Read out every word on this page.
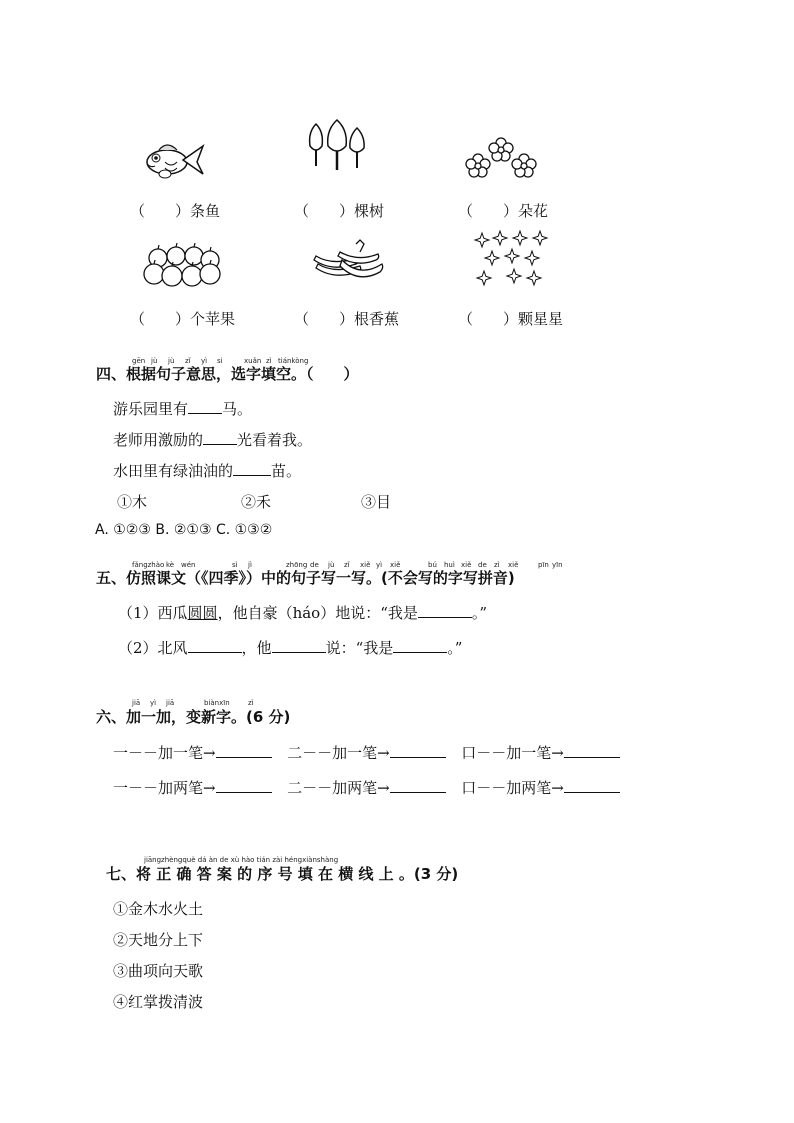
（　　）条鱼	（　　）棵树	（　　）朵花
（　　）个苹果	（　　）根香蕉	（　　）颗星星
gēn jù jù zǐ yì si	xuǎn zì tiánkòng
四、根据句子意思，选字填空。（　　）
游乐园里有 马。
老师用激励的 光看着我。
水田里有绿油油的	苗。
①木	②禾	③目
A. ①②③ B. ②①③ C. ①③②
fǎngzhào kè wén	sì jì	zhōng de jù zǐ xiě yì xiě	bú huì xiě de zì xiě	pīn yīn
五、仿照课文（《四季》）中的句子写一写。(不会写的字写拼音)
（1）西瓜圆圆，他自豪（háo）地说：“我是	。”
（2）北风	，他	说：“我是	。”
jiā yì jiā	biànxīn	zì
六、加一加，变新字。(6 分)
一－－加一笔→	二－－加一笔→	口－－加一笔→
一－－加两笔→	二－－加两笔→	口－－加两笔→
jiāngzhèngquè dá àn de xù hào tián zài héngxiànshàng
七、将 正 确 答 案 的 序 号 填 在 横 线 上 。(3 分)
①金木水火土
②天地分上下
③曲项向天歌
④红掌拨清波
